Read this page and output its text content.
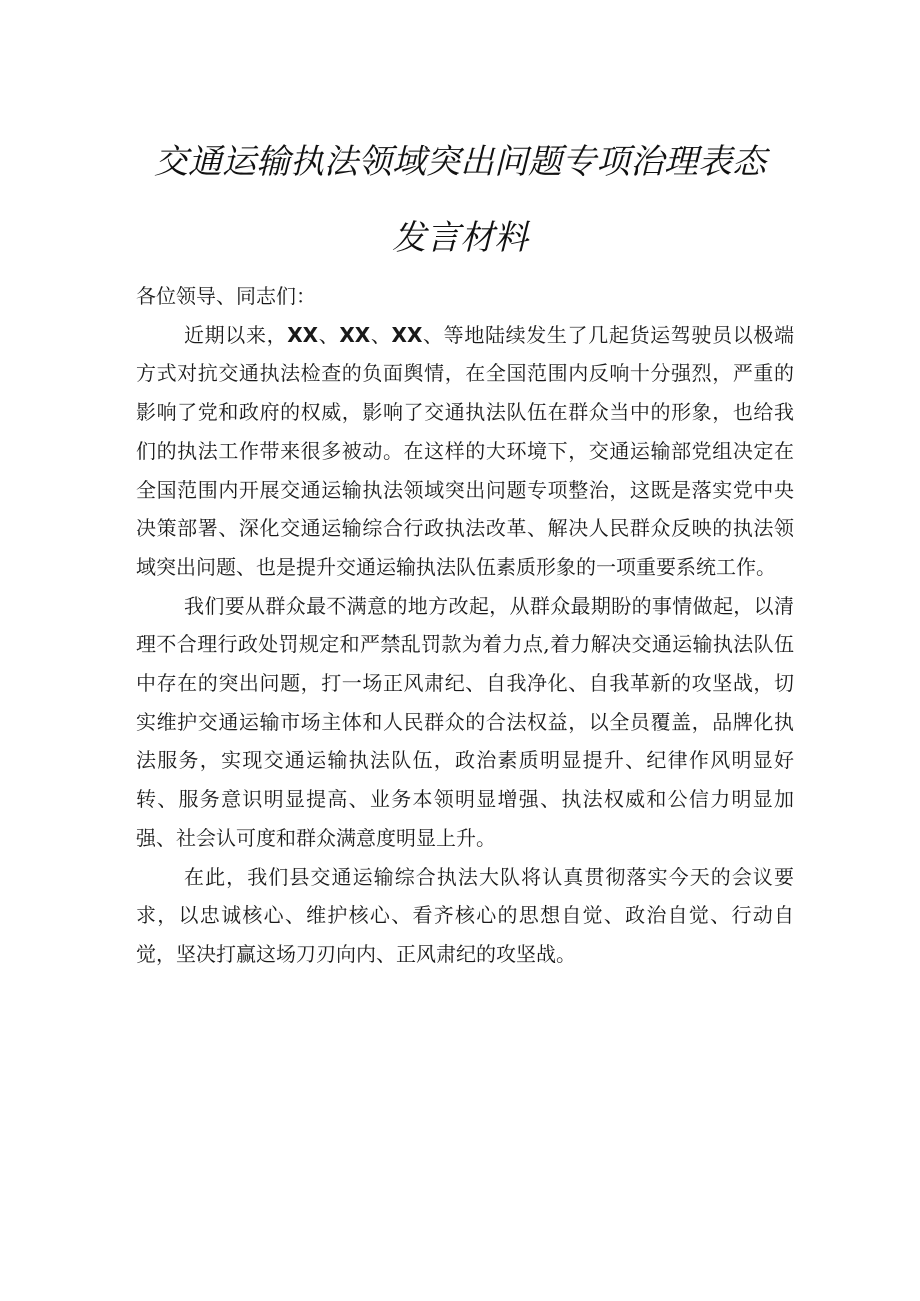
交通运输执法领域突出问题专项治理表态
发言材料

各位领导、同志们：

近期以来，XX、XX、XX、等地陆续发生了几起货运驾驶员以极端方式对抗交通执法检查的负面舆情，在全国范围内反响十分强烈，严重的影响了党和政府的权威，影响了交通执法队伍在群众当中的形象，也给我们的执法工作带来很多被动。在这样的大环境下，交通运输部党组决定在全国范围内开展交通运输执法领域突出问题专项整治，这既是落实党中央决策部署、深化交通运输综合行政执法改革、解决人民群众反映的执法领域突出问题、也是提升交通运输执法队伍素质形象的一项重要系统工作。

我们要从群众最不满意的地方改起，从群众最期盼的事情做起，以清理不合理行政处罚规定和严禁乱罚款为着力点,着力解决交通运输执法队伍中存在的突出问题，打一场正风肃纪、自我净化、自我革新的攻坚战，切实维护交通运输市场主体和人民群众的合法权益，以全员覆盖，品牌化执法服务，实现交通运输执法队伍，政治素质明显提升、纪律作风明显好转、服务意识明显提高、业务本领明显增强、执法权威和公信力明显加强、社会认可度和群众满意度明显上升。

在此，我们县交通运输综合执法大队将认真贯彻落实今天的会议要求，以忠诚核心、维护核心、看齐核心的思想自觉、政治自觉、行动自觉，坚决打赢这场刀刃向内、正风肃纪的攻坚战。
